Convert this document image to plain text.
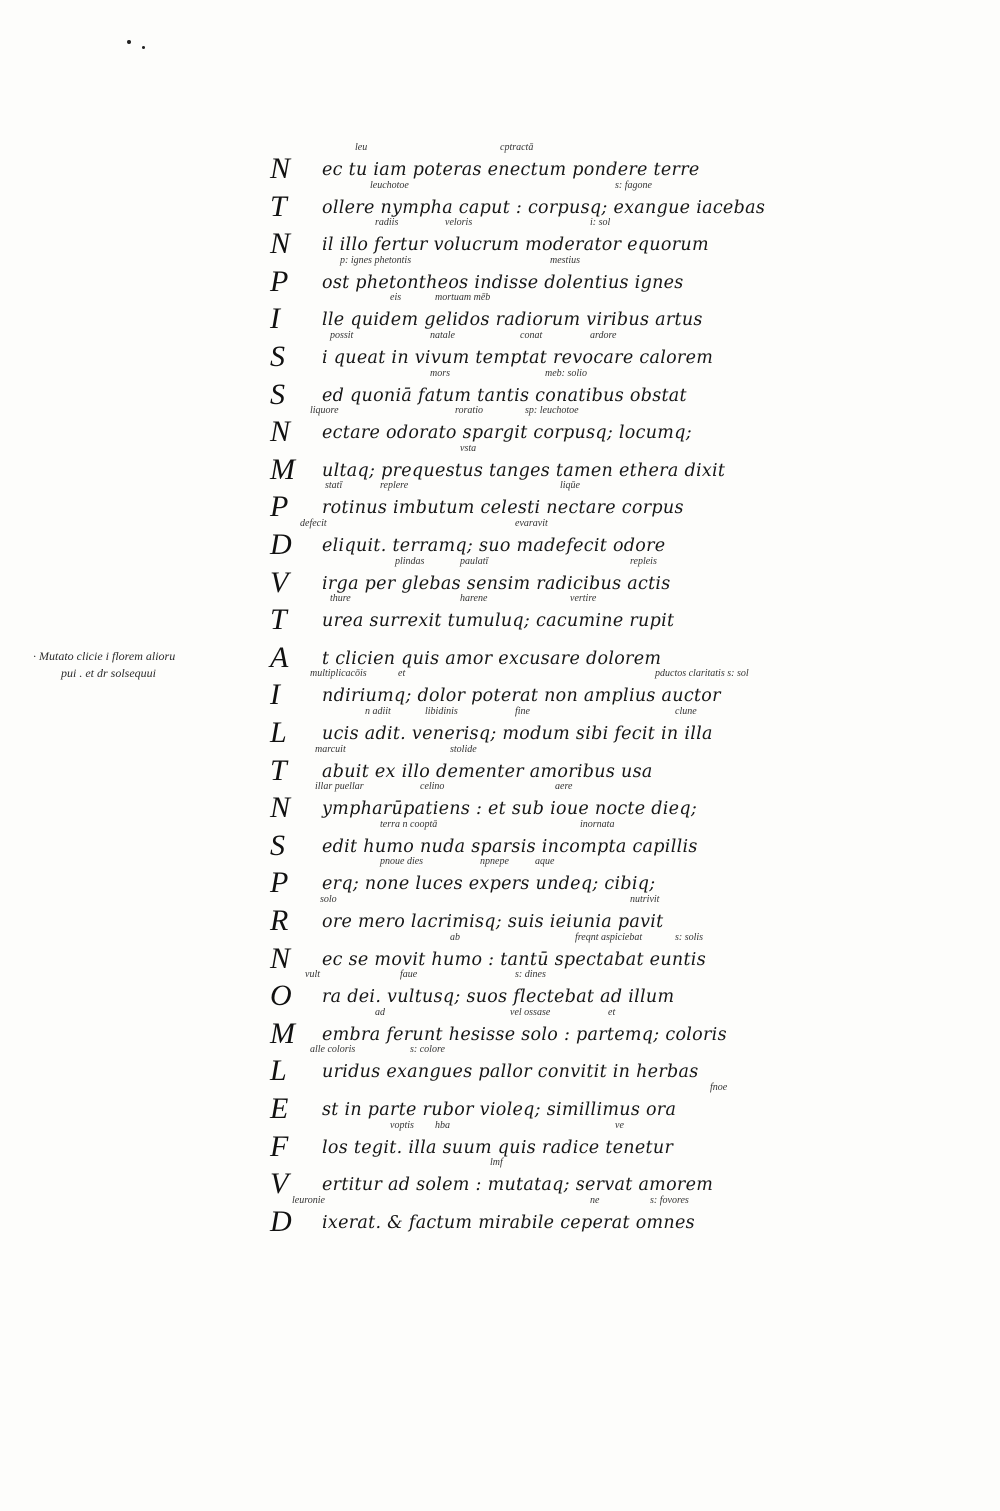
· Mutato clicie i florem alioru
pui . et dr solsequui
N ec tu iam poteras enectum pondere terre
leu	cptractā
T ollere nympha caput : corpusq; exangue iacebas
leuchotoe	s: fagone
N il illo fertur volucrum moderator equorum
radiis	veloris	i: sol
P ost phetontheos indisse dolentius ignes
p: ignes phetontis	mestius
I lle quidem gelidos radiorum viribus artus
eis	mortuam mēb
S i queat in vivum temptat revocare calorem
possit	natale	conat	ardore
S ed quoniā fatum tantis conatibus obstat
mors	meb: solio
N ectare odorato spargit corpusq; locumq;
liquore	roratio	sp: leuchotoe
M ultaq; prequestus tanges tamen ethera dixit
vsta
P rotinus imbutum celesti nectare corpus
statī	replere	liqūe
D eliquit. terramq; suo madefecit odore
defecit	evaravit
V irga per glebas sensim radicibus actis
plindas	paulatī	repleis
T urea surrexit tumuluq; cacumine rupit
thure	harene	vertire
A t clicien quis amor excusare dolorem
I ndiriumq; dolor poterat non amplius auctor
multiplicacōis	et	pductos claritatis s: sol
L ucis adit. venerisq; modum sibi fecit in illa
n adiit	libidinis	fine	clune
T abuit ex illo dementer amoribus usa
marcuit	stolide
N ympharūpatiens : et sub ioue nocte dieq;
illar puellar	celino	aere
S edit humo nuda sparsis incompta capillis
terra n cooptā	inornata
P erq; none luces expers undeq; cibiq;
pnoue dies	npnepe	aque
R ore mero lacrimisq; suis ieiunia pavit
solo	nutrivit
N ec se movit humo : tantū spectabat euntis
ab	freqnt aspiciebat	s: solis
O ra dei. vultusq; suos flectebat ad illum
vult	faue	s: dines
M embra ferunt hesisse solo : partemq; coloris
ad	vel ossase	et
L uridus exangues pallor convitit in herbas
alle coloris	s: colore
E st in parte rubor violeq; simillimus ora
fnoe
F los tegit. illa suum quis radice tenetur
voptis hba	ve
V ertitur ad solem : mutataq; servat amorem
lmf
D ixerat. & factum mirabile ceperat omnes
leuronie	ne	s: fovores
